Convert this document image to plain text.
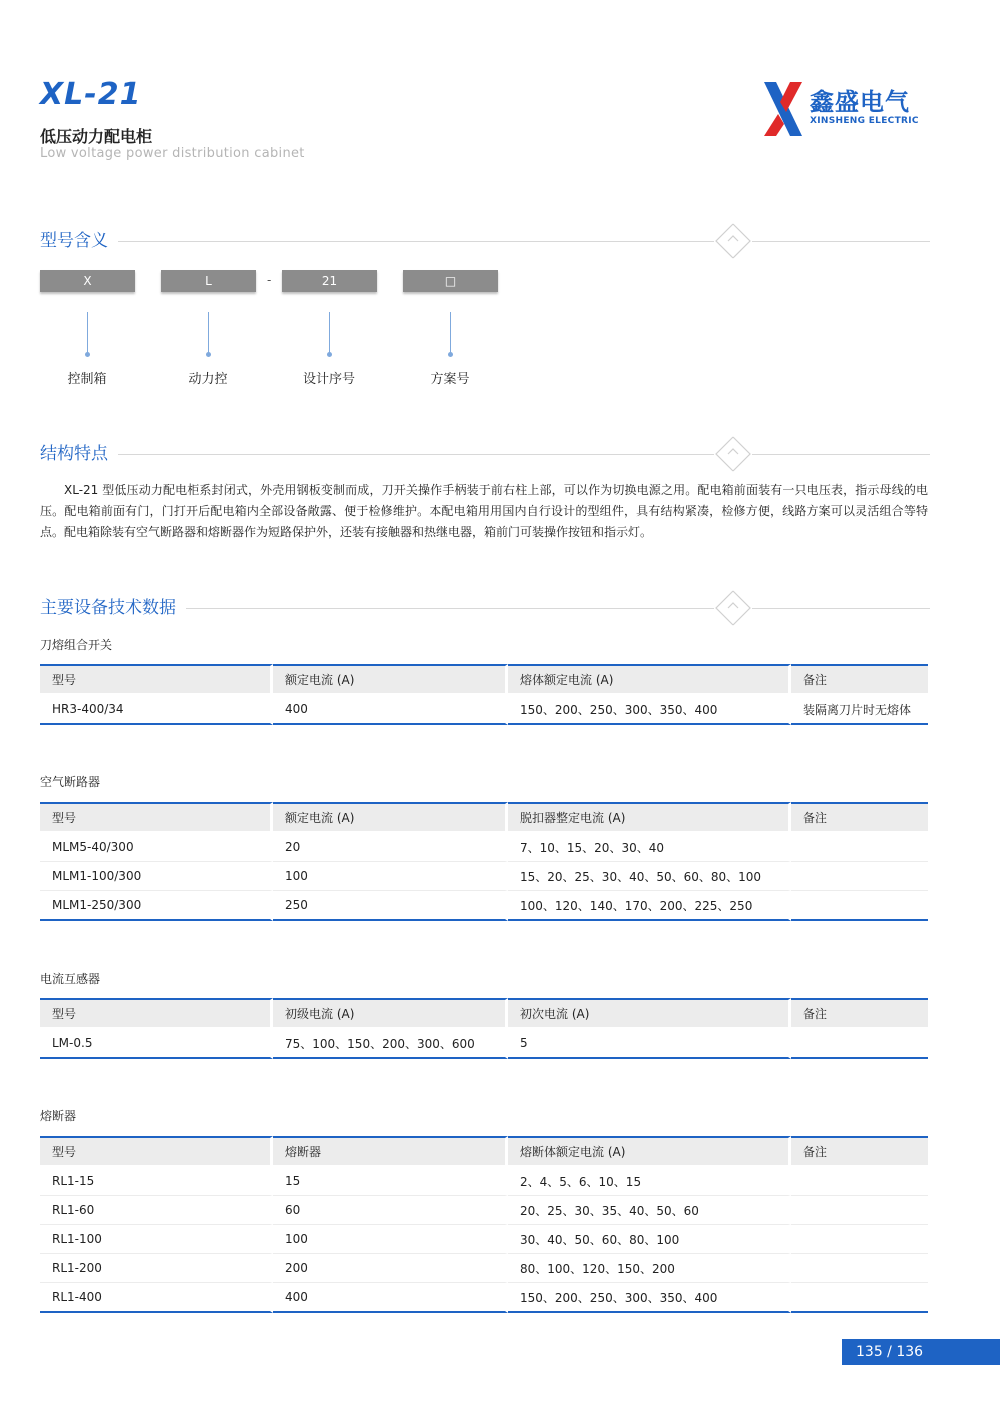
XL-21
低压动力配电柜
Low voltage power distribution cabinet
鑫盛电气
XINSHENG ELECTRIC
型号含义
X	L	-	21	□
控制箱	动力控	设计序号	方案号
结构特点
XL-21 型低压动力配电柜系封闭式，外壳用钢板变制而成，刀开关操作手柄装于前右柱上部，可以作为切换电源之用。配电箱前面装有一只电压表，指示母线的电压。配电箱前面有门，门打开后配电箱内全部设备敞露、便于检修维护。本配电箱用用国内自行设计的型组件，具有结构紧凑，检修方便，线路方案可以灵活组合等特点。配电箱除装有空气断路器和熔断器作为短路保护外，还装有接触器和热继电器，箱前门可装操作按钮和指示灯。
主要设备技术数据
刀熔组合开关
型号	额定电流 (A)	熔体额定电流 (A)	备注
HR3-400/34	400	150、200、250、300、350、400	装隔离刀片时无熔体
空气断路器
型号	额定电流 (A)	脱扣器整定电流 (A)	备注
MLM5-40/300	20	7、10、15、20、30、40	
MLM1-100/300	100	15、20、25、30、40、50、60、80、100	
MLM1-250/300	250	100、120、140、170、200、225、250	
电流互感器
型号	初级电流 (A)	初次电流 (A)	备注
LM-0.5	75、100、150、200、300、600	5	
熔断器
型号	熔断器	熔断体额定电流 (A)	备注
RL1-15	15	2、4、5、6、10、15	
RL1-60	60	20、25、30、35、40、50、60	
RL1-100	100	30、40、50、60、80、100	
RL1-200	200	80、100、120、150、200	
RL1-400	400	150、200、250、300、350、400	
135 / 136
